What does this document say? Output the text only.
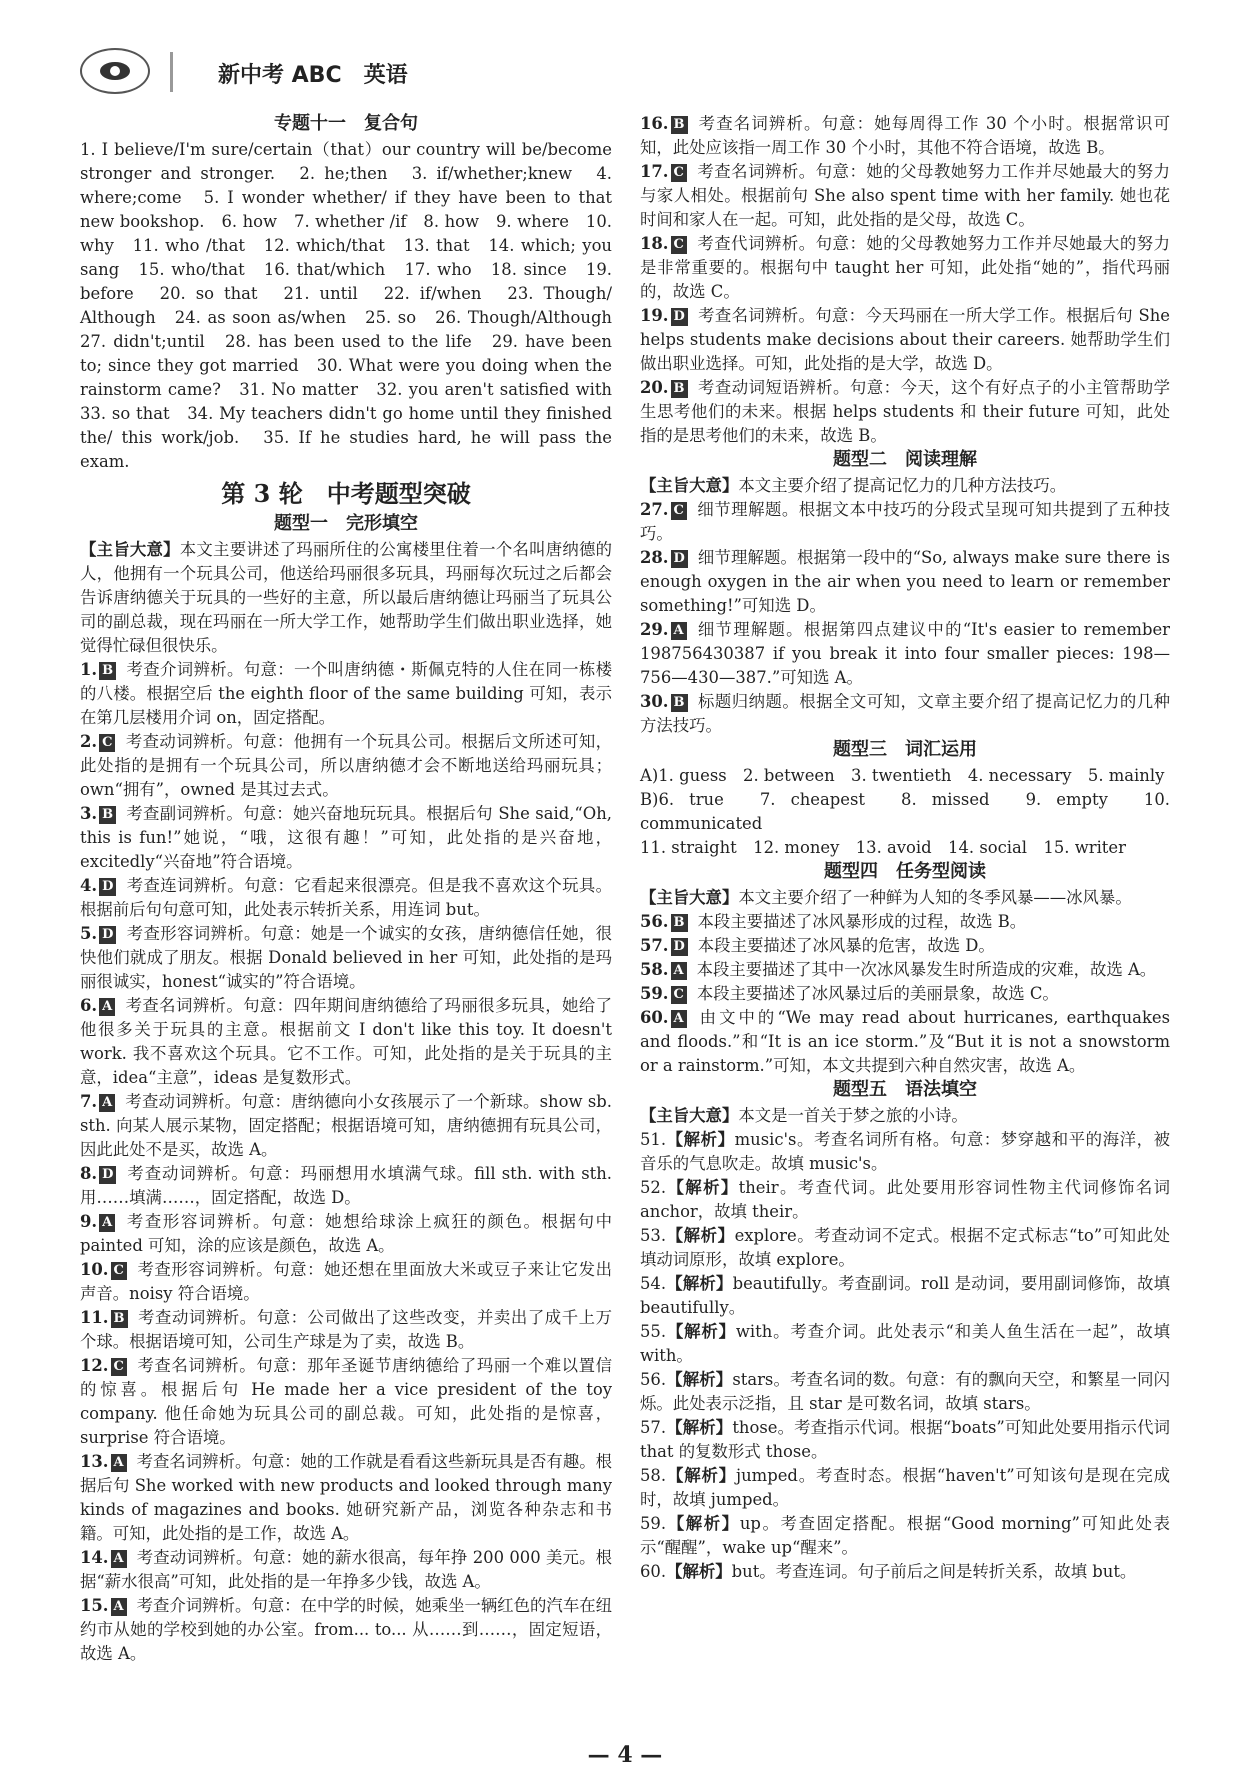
新中考 ABC　英语
专题十一　复合句

1. I believe/I'm sure/certain（that）our country will be/become stronger and stronger.　2. he;then　3. if/whether;knew　4. where;come　5. I wonder whether/ if they have been to that new bookshop.　6. how　7. whether /if　8. how　9. where　10. why　11. who /that　12. which/that　13. that　14. which; you sang　15. who/that　16. that/which　17. who　18. since　19. before　20. so that　21. until　22. if/when　23. Though/ Although　24. as soon as/when　25. so　26. Though/Although　27. didn't;until　28. has been used to the life　29. have been to; since they got married　30. What were you doing when the rainstorm came?　31. No matter　32. you aren't satisfied with　33. so that　34. My teachers didn't go home until they finished the/ this work/job.　35. If he studies hard, he will pass the exam.

第 3 轮　中考题型突破
题型一　完形填空

【主旨大意】本文主要讲述了玛丽所住的公寓楼里住着一个名叫唐纳德的人，他拥有一个玩具公司，他送给玛丽很多玩具，玛丽每次玩过之后都会告诉唐纳德关于玩具的一些好的主意，所以最后唐纳德让玛丽当了玩具公司的副总裁，现在玛丽在一所大学工作，她帮助学生们做出职业选择，她觉得忙碌但很快乐。

1. B 考查介词辨析。句意：一个叫唐纳德・斯佩克特的人住在同一栋楼的八楼。根据空后 the eighth floor of the same building 可知，表示在第几层楼用介词 on，固定搭配。

2. C 考查动词辨析。句意：他拥有一个玩具公司。根据后文所述可知，此处指的是拥有一个玩具公司，所以唐纳德才会不断地送给玛丽玩具；own“拥有”，owned 是其过去式。

3. B 考查副词辨析。句意：她兴奋地玩玩具。根据后句 She said,“Oh, this is fun!”她说，“哦，这很有趣！”可知，此处指的是兴奋地，excitedly“兴奋地”符合语境。

4. D 考查连词辨析。句意：它看起来很漂亮。但是我不喜欢这个玩具。根据前后句句意可知，此处表示转折关系，用连词 but。

5. D 考查形容词辨析。句意：她是一个诚实的女孩，唐纳德信任她，很快他们就成了朋友。根据 Donald believed in her 可知，此处指的是玛丽很诚实，honest“诚实的”符合语境。

6. A 考查名词辨析。句意：四年期间唐纳德给了玛丽很多玩具，她给了他很多关于玩具的主意。根据前文 I don't like this toy. It doesn't work. 我不喜欢这个玩具。它不工作。可知，此处指的是关于玩具的主意，idea“主意”，ideas 是复数形式。

7. A 考查动词辨析。句意：唐纳德向小女孩展示了一个新球。show sb. sth. 向某人展示某物，固定搭配；根据语境可知，唐纳德拥有玩具公司，因此此处不是买，故选 A。

8. D 考查动词辨析。句意：玛丽想用水填满气球。fill sth. with sth. 用……填满……，固定搭配，故选 D。

9. A 考查形容词辨析。句意：她想给球涂上疯狂的颜色。根据句中 painted 可知，涂的应该是颜色，故选 A。

10. C 考查形容词辨析。句意：她还想在里面放大米或豆子来让它发出声音。noisy 符合语境。

11. B 考查动词辨析。句意：公司做出了这些改变，并卖出了成千上万个球。根据语境可知，公司生产球是为了卖，故选 B。

12. C 考查名词辨析。句意：那年圣诞节唐纳德给了玛丽一个难以置信的惊喜。根据后句 He made her a vice president of the toy company. 他任命她为玩具公司的副总裁。可知，此处指的是惊喜，surprise 符合语境。

13. A 考查名词辨析。句意：她的工作就是看看这些新玩具是否有趣。根据后句 She worked with new products and looked through many kinds of magazines and books. 她研究新产品，浏览各种杂志和书籍。可知，此处指的是工作，故选 A。

14. A 考查动词辨析。句意：她的薪水很高，每年挣 200 000 美元。根据“薪水很高”可知，此处指的是一年挣多少钱，故选 A。

15. A 考查介词辨析。句意：在中学的时候，她乘坐一辆红色的汽车在纽约市从她的学校到她的办公室。from... to... 从……到……，固定短语，故选 A。

16. B 考查名词辨析。句意：她每周得工作 30 个小时。根据常识可知，此处应该指一周工作 30 个小时，其他不符合语境，故选 B。

17. C 考查名词辨析。句意：她的父母教她努力工作并尽她最大的努力与家人相处。根据前句 She also spent time with her family. 她也花时间和家人在一起。可知，此处指的是父母，故选 C。

18. C 考查代词辨析。句意：她的父母教她努力工作并尽她最大的努力是非常重要的。根据句中 taught her 可知，此处指“她的”，指代玛丽的，故选 C。

19. D 考查名词辨析。句意：今天玛丽在一所大学工作。根据后句 She helps students make decisions about their careers. 她帮助学生们做出职业选择。可知，此处指的是大学，故选 D。

20. B 考查动词短语辨析。句意：今天，这个有好点子的小主管帮助学生思考他们的未来。根据 helps students 和 their future 可知，此处指的是思考他们的未来，故选 B。

题型二　阅读理解

【主旨大意】本文主要介绍了提高记忆力的几种方法技巧。

27. C 细节理解题。根据文本中技巧的分段式呈现可知共提到了五种技巧。

28. D 细节理解题。根据第一段中的“So, always make sure there is enough oxygen in the air when you need to learn or remember something!”可知选 D。

29. A 细节理解题。根据第四点建议中的“It's easier to remember 198756430387 if you break it into four smaller pieces: 198—756—430—387.”可知选 A。

30. B 标题归纳题。根据全文可知，文章主要介绍了提高记忆力的几种方法技巧。

题型三　词汇运用

A)1. guess　2. between　3. twentieth　4. necessary　5. mainly

B)6. true　7. cheapest　8. missed　9. empty　10. communicated

11. straight　12. money　13. avoid　14. social　15. writer

题型四　任务型阅读

【主旨大意】本文主要介绍了一种鲜为人知的冬季风暴——冰风暴。

56. B 本段主要描述了冰风暴形成的过程，故选 B。

57. D 本段主要描述了冰风暴的危害，故选 D。

58. A 本段主要描述了其中一次冰风暴发生时所造成的灾难，故选 A。

59. C 本段主要描述了冰风暴过后的美丽景象，故选 C。

60. A 由文中的“We may read about hurricanes, earthquakes and floods.”和“It is an ice storm.”及“But it is not a snowstorm or a rainstorm.”可知，本文共提到六种自然灾害，故选 A。

题型五　语法填空

【主旨大意】本文是一首关于梦之旅的小诗。

51.【解析】music's。考查名词所有格。句意：梦穿越和平的海洋，被音乐的气息吹走。故填 music's。

52.【解析】their。考查代词。此处要用形容词性物主代词修饰名词 anchor，故填 their。

53.【解析】explore。考查动词不定式。根据不定式标志“to”可知此处填动词原形，故填 explore。

54.【解析】beautifully。考查副词。roll 是动词，要用副词修饰，故填 beautifully。

55.【解析】with。考查介词。此处表示“和美人鱼生活在一起”，故填 with。

56.【解析】stars。考查名词的数。句意：有的飘向天空，和繁星一同闪烁。此处表示泛指，且 star 是可数名词，故填 stars。

57.【解析】those。考查指示代词。根据“boats”可知此处要用指示代词 that 的复数形式 those。

58.【解析】jumped。考查时态。根据“haven't”可知该句是现在完成时，故填 jumped。

59.【解析】up。考查固定搭配。根据“Good morning”可知此处表示“醒醒”，wake up“醒来”。

60.【解析】but。考查连词。句子前后之间是转折关系，故填 but。

— 4 —
